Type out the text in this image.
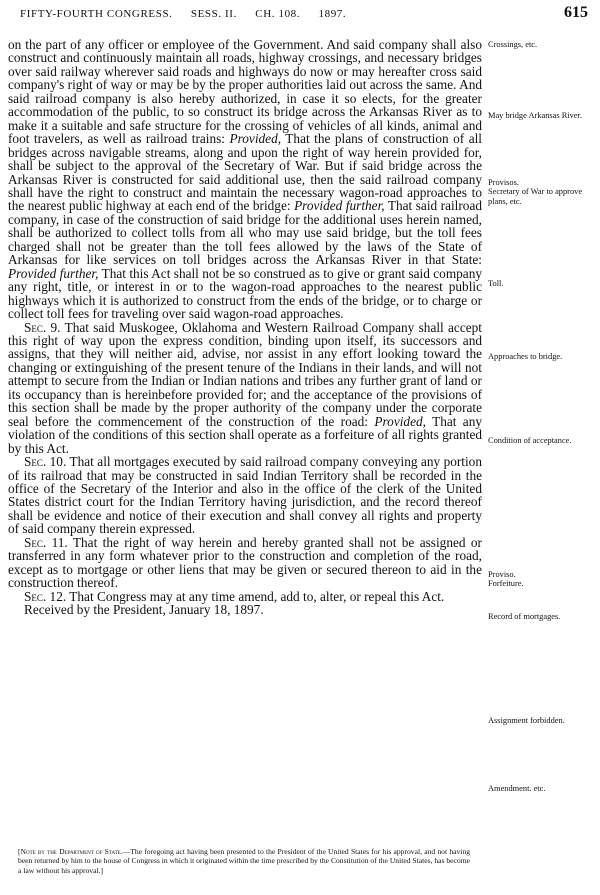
FIFTY-FOURTH CONGRESS. SESS. II. CH. 108. 1897.	615

on the part of any officer or employee of the Government. And said company shall also construct and continuously maintain all roads, highway crossings, and necessary bridges over said railway wherever said roads and highways do now or may hereafter cross said company's right of way or may be by the proper authorities laid out across the same. And said railroad company is also hereby authorized, in case it so elects, for the greater accommodation of the public, to so construct its bridge across the Arkansas River as to make it a suitable and safe structure for the crossing of vehicles of all kinds, animal and foot travelers, as well as railroad trains: Provided, That the plans of construction of all bridges across navigable streams, along and upon the right of way herein provided for, shall be subject to the approval of the Secretary of War. But if said bridge across the Arkansas River is constructed for said additional use, then the said railroad company shall have the right to construct and maintain the necessary wagon-road approaches to the nearest public highway at each end of the bridge: Provided further, That said railroad company, in case of the construction of said bridge for the additional uses herein named, shall be authorized to collect tolls from all who may use said bridge, but the toll fees charged shall not be greater than the toll fees allowed by the laws of the State of Arkansas for like services on toll bridges across the Arkansas River in that State: Provided further, That this Act shall not be so construed as to give or grant said company any right, title, or interest in or to the wagon-road approaches to the nearest public highways which it is authorized to construct from the ends of the bridge, or to charge or collect toll fees for traveling over said wagon-road approaches.

Sec. 9. That said Muskogee, Oklahoma and Western Railroad Company shall accept this right of way upon the express condition, binding upon itself, its successors and assigns, that they will neither aid, advise, nor assist in any effort looking toward the changing or extinguishing of the present tenure of the Indians in their lands, and will not attempt to secure from the Indian or Indian nations and tribes any further grant of land or its occupancy than is hereinbefore provided for; and the acceptance of the provisions of this section shall be made by the proper authority of the company under the corporate seal before the commencement of the construction of the road: Provided, That any violation of the conditions of this section shall operate as a forfeiture of all rights granted by this Act.

Sec. 10. That all mortgages executed by said railroad company conveying any portion of its railroad that may be constructed in said Indian Territory shall be recorded in the office of the Secretary of the Interior and also in the office of the clerk of the United States district court for the Indian Territory having jurisdiction, and the record thereof shall be evidence and notice of their execution and shall convey all rights and property of said company therein expressed.

Sec. 11. That the right of way herein and hereby granted shall not be assigned or transferred in any form whatever prior to the construction and completion of the road, except as to mortgage or other liens that may be given or secured thereon to aid in the construction thereof.

Sec. 12. That Congress may at any time amend, add to, alter, or repeal this Act.

Received by the President, January 18, 1897.

Crossings, etc.
May bridge Arkansas River.
Provisos.
Secretary of War to approve plans, etc.
Toll.
Approaches to bridge.
Condition of acceptance.
Proviso.
Forfeiture.
Record of mortgages.
Assignment forbidden.
Amendment. etc.
[Note by the Department of State.—The foregoing act having been presented to the President of the United States for his approval, and not having been returned by him to the house of Congress in which it originated within the time prescribed by the Constitution of the United States, has become a law without his approval.]
